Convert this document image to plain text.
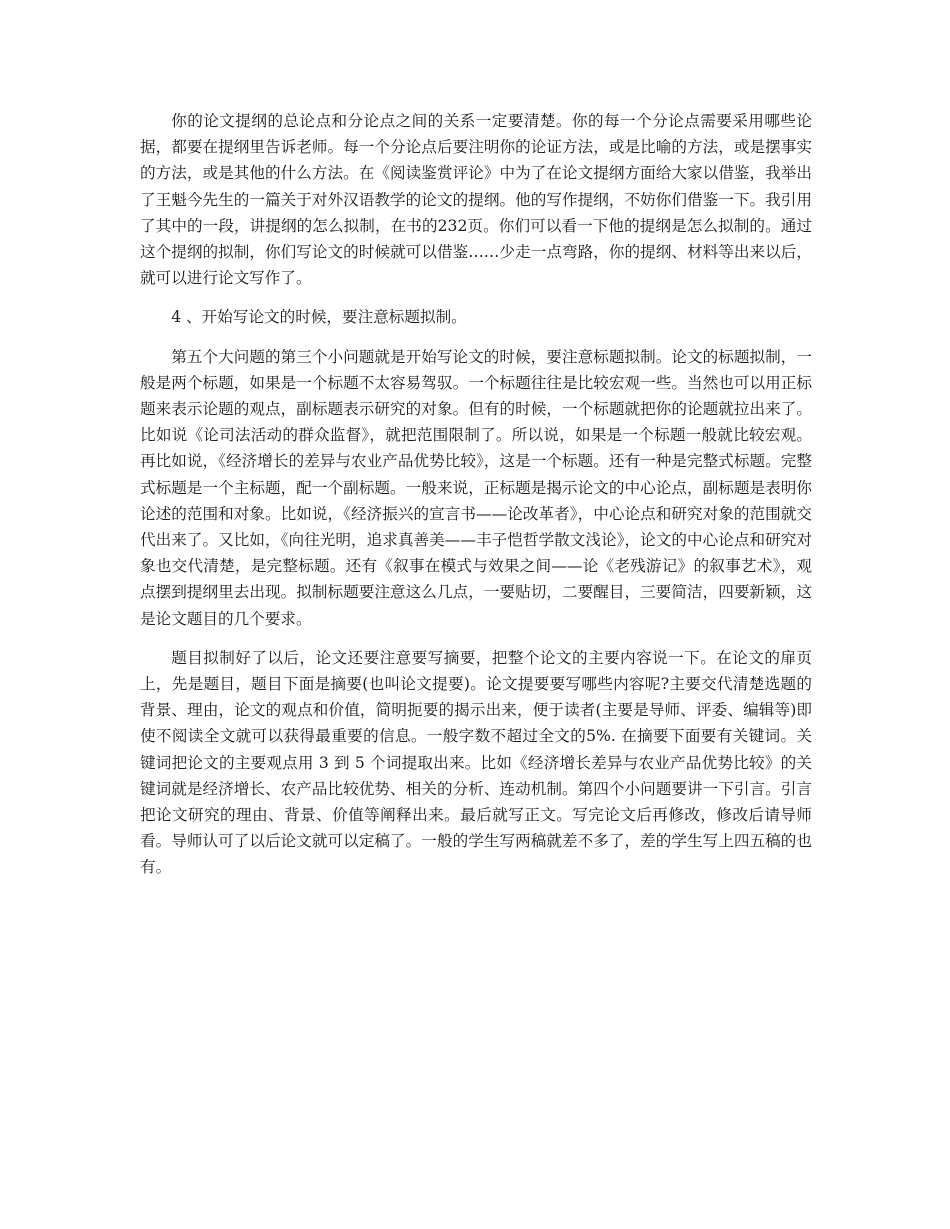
你的论文提纲的总论点和分论点之间的关系一定要清楚。你的每一个分论点需要采用哪些论据，都要在提纲里告诉老师。每一个分论点后要注明你的论证方法，或是比喻的方法，或是摆事实的方法，或是其他的什么方法。在《阅读鉴赏评论》中为了在论文提纲方面给大家以借鉴，我举出了王魁今先生的一篇关于对外汉语教学的论文的提纲。他的写作提纲，不妨你们借鉴一下。我引用了其中的一段，讲提纲的怎么拟制，在书的232页。你们可以看一下他的提纲是怎么拟制的。通过这个提纲的拟制，你们写论文的时候就可以借鉴……少走一点弯路，你的提纲、材料等出来以后，就可以进行论文写作了。

4 、开始写论文的时候，要注意标题拟制。

第五个大问题的第三个小问题就是开始写论文的时候，要注意标题拟制。论文的标题拟制，一般是两个标题，如果是一个标题不太容易驾驭。一个标题往往是比较宏观一些。当然也可以用正标题来表示论题的观点，副标题表示研究的对象。但有的时候，一个标题就把你的论题就拉出来了。比如说《论司法活动的群众监督》，就把范围限制了。所以说，如果是一个标题一般就比较宏观。再比如说，《经济增长的差异与农业产品优势比较》，这是一个标题。还有一种是完整式标题。完整式标题是一个主标题，配一个副标题。一般来说，正标题是揭示论文的中心论点，副标题是表明你论述的范围和对象。比如说，《经济振兴的宣言书——论改革者》，中心论点和研究对象的范围就交代出来了。又比如，《向往光明，追求真善美——丰子恺哲学散文浅论》，论文的中心论点和研究对象也交代清楚，是完整标题。还有《叙事在模式与效果之间——论《老残游记》的叙事艺术》，观点摆到提纲里去出现。拟制标题要注意这么几点，一要贴切，二要醒目，三要简洁，四要新颖，这是论文题目的几个要求。

题目拟制好了以后，论文还要注意要写摘要，把整个论文的主要内容说一下。在论文的扉页上，先是题目，题目下面是摘要(也叫论文提要)。论文提要要写哪些内容呢?主要交代清楚选题的背景、理由，论文的观点和价值，简明扼要的揭示出来，便于读者(主要是导师、评委、编辑等)即使不阅读全文就可以获得最重要的信息。一般字数不超过全文的5%. 在摘要下面要有关键词。关键词把论文的主要观点用 3 到 5 个词提取出来。比如《经济增长差异与农业产品优势比较》的关键词就是经济增长、农产品比较优势、相关的分析、连动机制。第四个小问题要讲一下引言。引言把论文研究的理由、背景、价值等阐释出来。最后就写正文。写完论文后再修改，修改后请导师看。导师认可了以后论文就可以定稿了。一般的学生写两稿就差不多了，差的学生写上四五稿的也有。
